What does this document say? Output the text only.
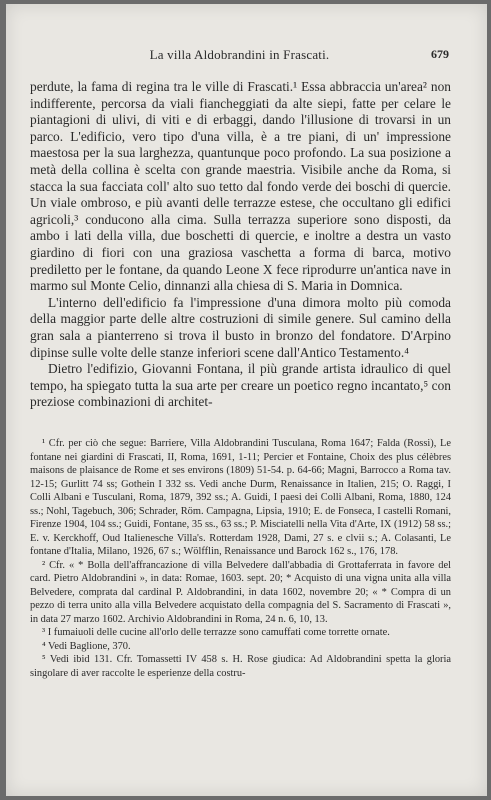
La villa Aldobrandini in Frascati.	679

perdute, la fama di regina tra le ville di Frascati.¹ Essa abbraccia un'area² non indifferente, percorsa da viali fiancheggiati da alte siepi, fatte per celare le piantagioni di ulivi, di viti e di erbaggi, dando l'illusione di trovarsi in un parco. L'edificio, vero tipo d'una villa, è a tre piani, di un' impressione maestosa per la sua larghezza, quantunque poco profondo. La sua posizione a metà della collina è scelta con grande maestria. Visibile anche da Roma, si stacca la sua facciata coll' alto suo tetto dal fondo verde dei boschi di quercie. Un viale ombroso, e più avanti delle terrazze estese, che occultano gli edifici agricoli,³ conducono alla cima. Sulla terrazza superiore sono disposti, da ambo i lati della villa, due boschetti di quercie, e inoltre a destra un vasto giardino di fiori con una graziosa vaschetta a forma di barca, motivo prediletto per le fontane, da quando Leone X fece riprodurre un'antica nave in marmo sul Monte Celio, dinnanzi alla chiesa di S. Maria in Domnica.

L'interno dell'edificio fa l'impressione d'una dimora molto più comoda della maggior parte delle altre costruzioni di simile genere. Sul camino della gran sala a pianterreno si trova il busto in bronzo del fondatore. D'Arpino dipinse sulle volte delle stanze inferiori scene dall'Antico Testamento.⁴

Dietro l'edifizio, Giovanni Fontana, il più grande artista idraulico di quel tempo, ha spiegato tutta la sua arte per creare un poetico regno incantato,⁵ con preziose combinazioni di architet-

¹ Cfr. per ciò che segue: Barriere, Villa Aldobrandini Tusculana, Roma 1647; Falda (Rossi), Le fontane nei giardini di Frascati, II, Roma, 1691, 1-11; Percier et Fontaine, Choix des plus célèbres maisons de plaisance de Rome et ses environs (1809) 51-54. p. 64-66; Magni, Barrocco a Roma tav. 12-15; Gurlitt 74 ss; Gothein I 332 ss. Vedi anche Durm, Renaissance in Italien, 215; O. Raggi, I Colli Albani e Tusculani, Roma, 1879, 392 ss.; A. Guidi, I paesi dei Colli Albani, Roma, 1880, 124 ss.; Nohl, Tagebuch, 306; Schrader, Röm. Campagna, Lipsia, 1910; E. de Fonseca, I castelli Romani, Firenze 1904, 104 ss.; Guidi, Fontane, 35 ss., 63 ss.; P. Misciatelli nella Vita d'Arte, IX (1912) 58 ss.; E. v. Kerckhoff, Oud Italienesche Villa's. Rotterdam 1928, Dami, 27 s. e clvii s.; A. Colasanti, Le fontane d'Italia, Milano, 1926, 67 s.; Wölfflin, Renaissance und Barock 162 s., 176, 178.

² Cfr. « * Bolla dell'affrancazione di villa Belvedere dall'abbadia di Grottaferrata in favore del card. Pietro Aldobrandini », in data: Romae, 1603. sept. 20; * Acquisto di una vigna unita alla villa Belvedere, comprata dal cardinal P. Aldobrandini, in data 1602, novembre 20; « * Compra di un pezzo di terra unito alla villa Belvedere acquistato della compagnia del S. Sacramento di Frascati », in data 27 marzo 1602. Archivio Aldobrandini in Roma, 24 n. 6, 10, 13.

³ I fumaiuoli delle cucine all'orlo delle terrazze sono camuffati come torrette ornate.

⁴ Vedi Baglione, 370.

⁵ Vedi ibid 131. Cfr. Tomassetti IV 458 s. H. Rose giudica: Ad Aldobrandini spetta la gloria singolare di aver raccolte le esperienze della costru-
